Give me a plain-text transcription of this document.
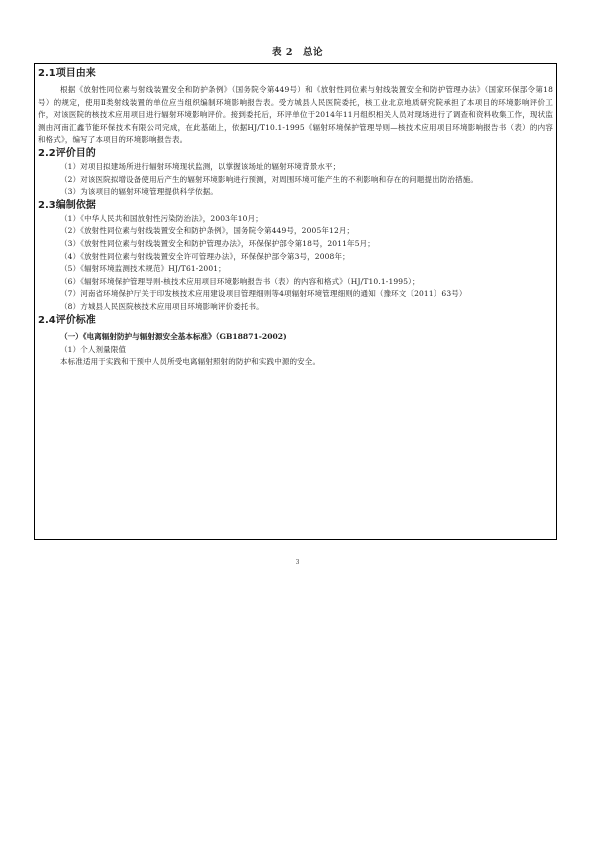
表 2　总论

2.1项目由来

根据《放射性同位素与射线装置安全和防护条例》（国务院令第449号）和《放射性同位素与射线装置安全和防护管理办法》（国家环保部令第18号）的规定，使用Ⅱ类射线装置的单位应当组织编制环境影响报告表。受方城县人民医院委托，核工业北京地质研究院承担了本项目的环境影响评价工作，对该医院的核技术应用项目进行辐射环境影响评价。接到委托后，环评单位于2014年11月组织相关人员对现场进行了调查和资料收集工作，现状监测由河南汇鑫节能环保技术有限公司完成，在此基础上，依据HJ/T10.1-1995《辐射环境保护管理导则—核技术应用项目环境影响报告书（表）的内容和格式》，编写了本项目的环境影响报告表。

2.2评价目的

（1）对项目拟建场所进行辐射环境现状监测，以掌握该场址的辐射环境背景水平；

（2）对该医院拟增设备使用后产生的辐射环境影响进行预测，对周围环境可能产生的不利影响和存在的问题提出防治措施。

（3）为该项目的辐射环境管理提供科学依据。

2.3编制依据

（1）《中华人民共和国放射性污染防治法》，2003年10月；

（2）《放射性同位素与射线装置安全和防护条例》，国务院令第449号，2005年12月；

（3）《放射性同位素与射线装置安全和防护管理办法》，环保保护部令第18号，2011年5月；

（4）《放射性同位素与射线装置安全许可管理办法》，环保保护部令第3号，2008年；

（5）《辐射环境监测技术规范》HJ/T61-2001；

（6）《辐射环境保护管理导则-核技术应用项目环境影响报告书（表）的内容和格式》（HJ/T10.1-1995）；

（7）河南省环境保护厅关于印发核技术应用建设项目管理细则等4项辐射环境管理细则的通知（豫环文〔2011〕63号）

（8）方城县人民医院核技术应用项目环境影响评价委托书。

2.4评价标准

（一）《电离辐射防护与辐射源安全基本标准》（GB18871-2002)

（1）个人剂量限值

本标准适用于实践和干预中人员所受电离辐射照射的防护和实践中源的安全。

3
